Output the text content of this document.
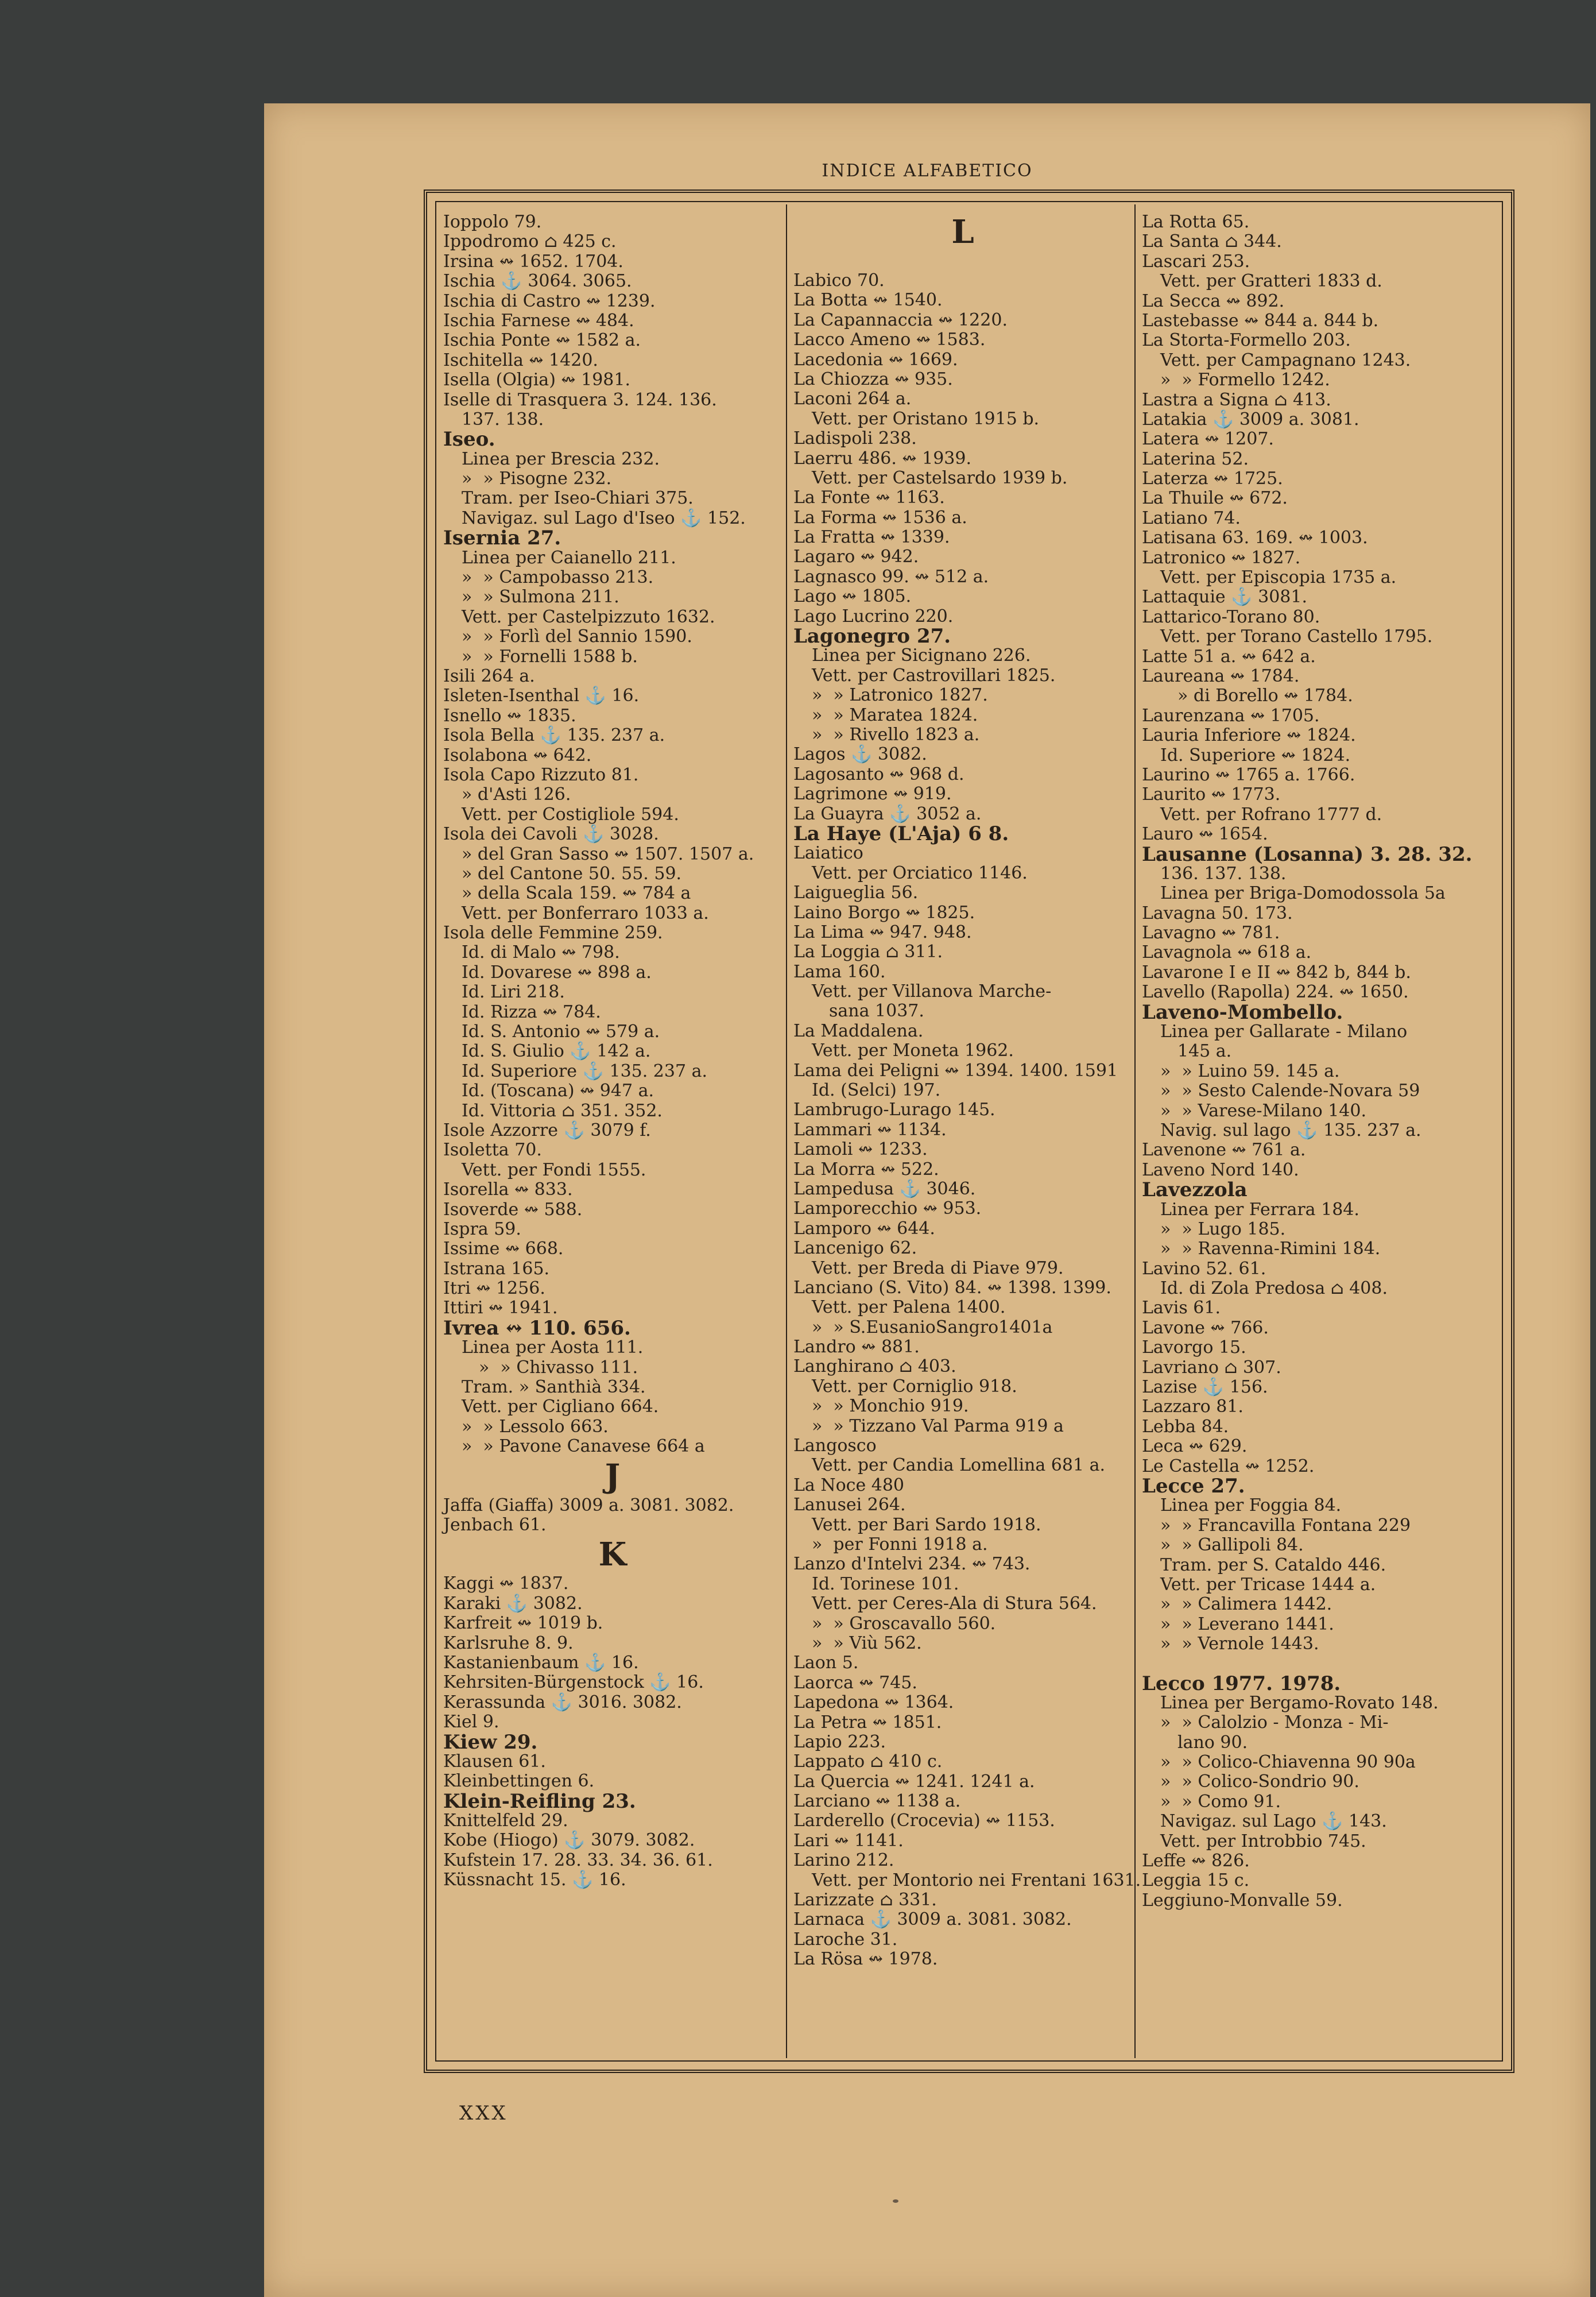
INDICE ALFABETICO
Ioppolo 79.
Ippodromo ⌂ 425 c.
Irsina ↭ 1652. 1704.
Ischia ⚓ 3064. 3065.
Ischia di Castro ↭ 1239.
Ischia Farnese ↭ 484.
Ischia Ponte ↭ 1582 a.
Ischitella ↭ 1420.
Isella (Olgia) ↭ 1981.
Iselle di Trasquera 3. 124. 136.
137. 138.
Iseo.
Linea per Brescia 232.
»  » Pisogne 232.
Tram. per Iseo-Chiari 375.
Navigaz. sul Lago d'Iseo ⚓ 152.
Isernia 27.
Linea per Caianello 211.
»  » Campobasso 213.
»  » Sulmona 211.
Vett. per Castelpizzuto 1632.
»  » Forlì del Sannio 1590.
»  » Fornelli 1588 b.
Isili 264 a.
Isleten-Isenthal ⚓ 16.
Isnello ↭ 1835.
Isola Bella ⚓ 135. 237 a.
Isolabona ↭ 642.
Isola Capo Rizzuto 81.
» d'Asti 126.
Vett. per Costigliole 594.
Isola dei Cavoli ⚓ 3028.
» del Gran Sasso ↭ 1507. 1507 a.
» del Cantone 50. 55. 59.
» della Scala 159. ↭ 784 a
Vett. per Bonferraro 1033 a.
Isola delle Femmine 259.
Id. di Malo ↭ 798.
Id. Dovarese ↭ 898 a.
Id. Liri 218.
Id. Rizza ↭ 784.
Id. S. Antonio ↭ 579 a.
Id. S. Giulio ⚓ 142 a.
Id. Superiore ⚓ 135. 237 a.
Id. (Toscana) ↭ 947 a.
Id. Vittoria ⌂ 351. 352.
Isole Azzorre ⚓ 3079 f.
Isoletta 70.
Vett. per Fondi 1555.
Isorella ↭ 833.
Isoverde ↭ 588.
Ispra 59.
Issime ↭ 668.
Istrana 165.
Itri ↭ 1256.
Ittiri ↭ 1941.
Ivrea ↭ 110. 656.
Linea per Aosta 111.
»  » Chivasso 111.
Tram. » Santhià 334.
Vett. per Cigliano 664.
»  » Lessolo 663.
»  » Pavone Canavese 664 a
J
Jaffa (Giaffa) 3009 a. 3081. 3082.
Jenbach 61.
K
Kaggi ↭ 1837.
Karaki ⚓ 3082.
Karfreit ↭ 1019 b.
Karlsruhe 8. 9.
Kastanienbaum ⚓ 16.
Kehrsiten-Bürgenstock ⚓ 16.
Kerassunda ⚓ 3016. 3082.
Kiel 9.
Kiew 29.
Klausen 61.
Kleinbettingen 6.
Klein-Reifling 23.
Knittelfeld 29.
Kobe (Hiogo) ⚓ 3079. 3082.
Kufstein 17. 28. 33. 34. 36. 61.
Küssnacht 15. ⚓ 16.
L
Labico 70.
La Botta ↭ 1540.
La Capannaccia ↭ 1220.
Lacco Ameno ↭ 1583.
Lacedonia ↭ 1669.
La Chiozza ↭ 935.
Laconi 264 a.
Vett. per Oristano 1915 b.
Ladispoli 238.
Laerru 486. ↭ 1939.
Vett. per Castelsardo 1939 b.
La Fonte ↭ 1163.
La Forma ↭ 1536 a.
La Fratta ↭ 1339.
Lagaro ↭ 942.
Lagnasco 99. ↭ 512 a.
Lago ↭ 1805.
Lago Lucrino 220.
Lagonegro 27.
Linea per Sicignano 226.
Vett. per Castrovillari 1825.
»  » Latronico 1827.
»  » Maratea 1824.
»  » Rivello 1823 a.
Lagos ⚓ 3082.
Lagosanto ↭ 968 d.
Lagrimone ↭ 919.
La Guayra ⚓ 3052 a.
La Haye (L'Aja) 6 8.
Laiatico
Vett. per Orciatico 1146.
Laigueglia 56.
Laino Borgo ↭ 1825.
La Lima ↭ 947. 948.
La Loggia ⌂ 311.
Lama 160.
Vett. per Villanova Marche-
sana 1037.
La Maddalena.
Vett. per Moneta 1962.
Lama dei Peligni ↭ 1394. 1400. 1591
Id. (Selci) 197.
Lambrugo-Lurago 145.
Lammari ↭ 1134.
Lamoli ↭ 1233.
La Morra ↭ 522.
Lampedusa ⚓ 3046.
Lamporecchio ↭ 953.
Lamporo ↭ 644.
Lancenigo 62.
Vett. per Breda di Piave 979.
Lanciano (S. Vito) 84. ↭ 1398. 1399.
Vett. per Palena 1400.
»  » S.EusanioSangro1401a
Landro ↭ 881.
Langhirano ⌂ 403.
Vett. per Corniglio 918.
»  » Monchio 919.
»  » Tizzano Val Parma 919 a
Langosco
Vett. per Candia Lomellina 681 a.
La Noce 480
Lanusei 264.
Vett. per Bari Sardo 1918.
»  per Fonni 1918 a.
Lanzo d'Intelvi 234. ↭ 743.
Id. Torinese 101.
Vett. per Ceres-Ala di Stura 564.
»  » Groscavallo 560.
»  » Viù 562.
Laon 5.
Laorca ↭ 745.
Lapedona ↭ 1364.
La Petra ↭ 1851.
Lapio 223.
Lappato ⌂ 410 c.
La Quercia ↭ 1241. 1241 a.
Larciano ↭ 1138 a.
Larderello (Crocevia) ↭ 1153.
Lari ↭ 1141.
Larino 212.
Vett. per Montorio nei Frentani 1631.
Larizzate ⌂ 331.
Larnaca ⚓ 3009 a. 3081. 3082.
Laroche 31.
La Rösa ↭ 1978.
La Rotta 65.
La Santa ⌂ 344.
Lascari 253.
Vett. per Gratteri 1833 d.
La Secca ↭ 892.
Lastebasse ↭ 844 a. 844 b.
La Storta-Formello 203.
Vett. per Campagnano 1243.
»  » Formello 1242.
Lastra a Signa ⌂ 413.
Latakia ⚓ 3009 a. 3081.
Latera ↭ 1207.
Laterina 52.
Laterza ↭ 1725.
La Thuile ↭ 672.
Latiano 74.
Latisana 63. 169. ↭ 1003.
Latronico ↭ 1827.
Vett. per Episcopia 1735 a.
Lattaquie ⚓ 3081.
Lattarico-Torano 80.
Vett. per Torano Castello 1795.
Latte 51 a. ↭ 642 a.
Laureana ↭ 1784.
» di Borello ↭ 1784.
Laurenzana ↭ 1705.
Lauria Inferiore ↭ 1824.
Id. Superiore ↭ 1824.
Laurino ↭ 1765 a. 1766.
Laurito ↭ 1773.
Vett. per Rofrano 1777 d.
Lauro ↭ 1654.
Lausanne (Losanna) 3. 28. 32.
136. 137. 138.
Linea per Briga-Domodossola 5a
Lavagna 50. 173.
Lavagno ↭ 781.
Lavagnola ↭ 618 a.
Lavarone I e II ↭ 842 b, 844 b.
Lavello (Rapolla) 224. ↭ 1650.
Laveno-Mombello.
Linea per Gallarate - Milano
145 a.
»  » Luino 59. 145 a.
»  » Sesto Calende-Novara 59
»  » Varese-Milano 140.
Navig. sul lago ⚓ 135. 237 a.
Lavenone ↭ 761 a.
Laveno Nord 140.
Lavezzola
Linea per Ferrara 184.
»  » Lugo 185.
»  » Ravenna-Rimini 184.
Lavino 52. 61.
Id. di Zola Predosa ⌂ 408.
Lavis 61.
Lavone ↭ 766.
Lavorgo 15.
Lavriano ⌂ 307.
Lazise ⚓ 156.
Lazzaro 81.
Lebba 84.
Leca ↭ 629.
Le Castella ↭ 1252.
Lecce 27.
Linea per Foggia 84.
»  » Francavilla Fontana 229
»  » Gallipoli 84.
Tram. per S. Cataldo 446.
Vett. per Tricase 1444 a.
»  » Calimera 1442.
»  » Leverano 1441.
»  » Vernole 1443.
Lecco 1977. 1978.
Linea per Bergamo-Rovato 148.
»  » Calolzio - Monza - Mi-
lano 90.
»  » Colico-Chiavenna 90 90a
»  » Colico-Sondrio 90.
»  » Como 91.
Navigaz. sul Lago ⚓ 143.
Vett. per Introbbio 745.
Leffe ↭ 826.
Leggia 15 c.
Leggiuno-Monvalle 59.
XXX
